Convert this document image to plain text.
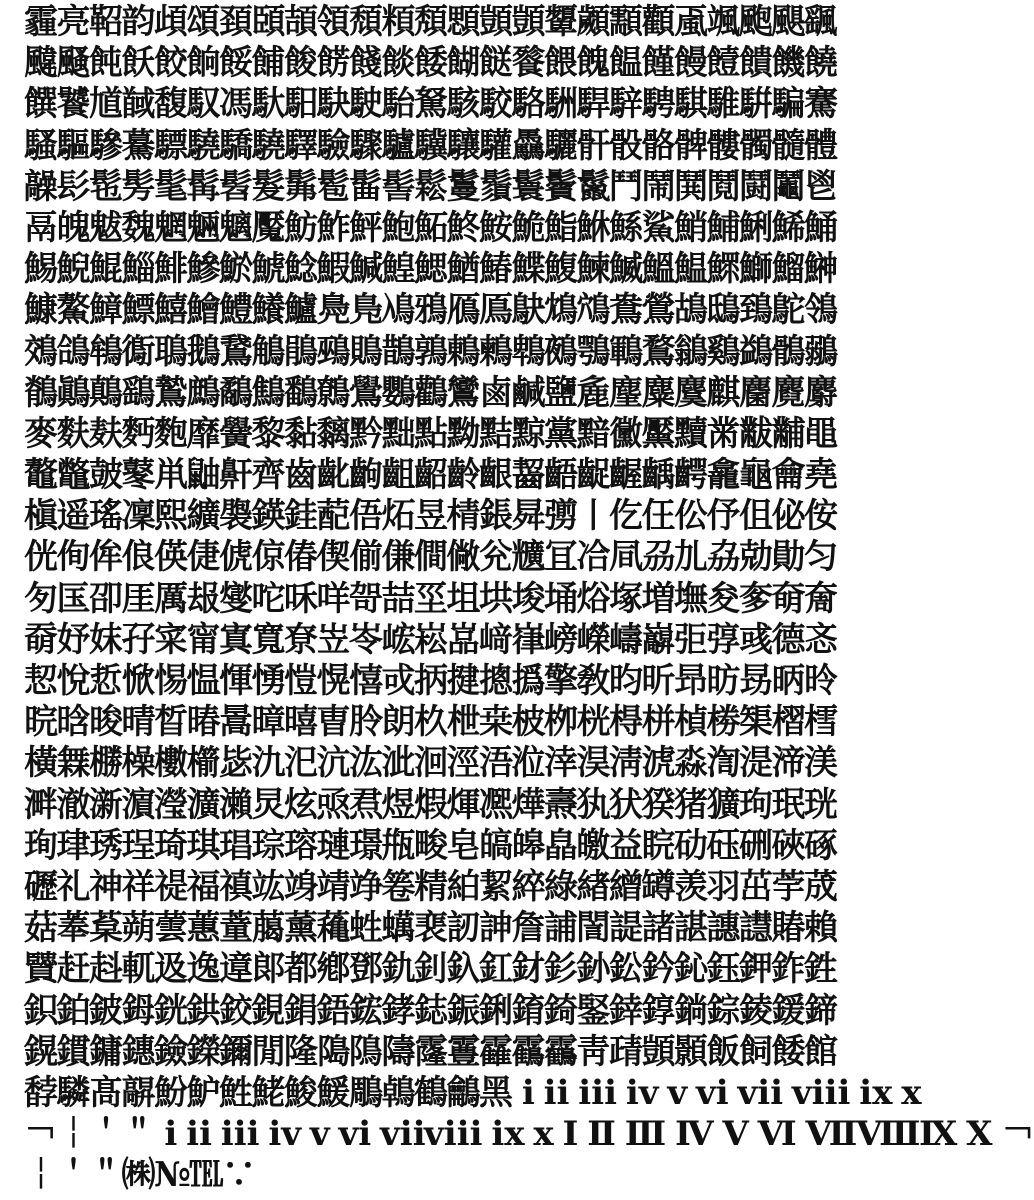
霾亮鞀韵頉頌頚頣頡領頹頪頽顋顗顗顰顪顬顴颪颯颮颶颻
颹颾飩飫餃餉餒餔餕餝餞餤餧餬餸餮餵餽饂饉饅饐饋饑饒
饌饕馗馘馥馭馮馱馹駃駛駘駑駭駮駱駲駻騂騁騏騅騈騙騫
騷驅驂驀驃驍驕驍驛驗驟驢驥驤驩驫驪骭骰骼髀髏髑髓體
髞髟髢髣髦髯髫髮髴髱髷髻鬆鬘鬚鬟鬢鬣鬥鬧鬨鬩鬪鬮鬯
鬲魄魃魏魍魎魑魘魴鮓鮃鮑鮖鮗鮟鮠鮨鮴鯀鯊鮹鯆鯏鯑鯒
鯣鯢鯤鯔鯡鰺鯲鯱鯰鰕鰔鰉鰓鰌鰆鰈鰒鰊鰄鰮鰛鰥鰤鰡鰰
鱇鰲鱆鰾鱚鱠鱧鱶鱸鳧鳬鳰鴉鴈鳫鴃鴆鴪鴦鶯鴣鴟鵄鴕鴒
鵁鴿鴾鵆鵈鵝鵞鵤鵑鵐鵙鵲鶉鶇鶫鵯鵺鶚鶤鶩鶲鷄鷁鶻鶸
鶺鷆鷏鷂鷙鷓鷸鷦鷭鷯鷽鸚鸛鸞鹵鹹鹽麁麈麋麌麒麕麑麝
麥麩麸麪麭靡黌黎黏黐黔黜點黝黠黥黨黯黴黶黷黹黻黼黽
鼇鼈皷鼕鼡鼬鼾齊齒齔齣齟齠齡齦齧齬齪齷齲齶龕龜龠堯
槇遥瑤凜熙纊褜鍈銈蓜俉炻昱棈鋹曻彅丨仡仼伀伃伹佖侒
侊侚侔俍偀倢俿倞偆偰偂傔僴僘兊兤冝冾凬刕劜劦勀勛匀
匇匤卲厓厲叝燮咜咊咩哿喆坙坥垬埈埇焀塚増墲夋奓奛奝
奣妤妺孖寀甯寘寬尞岦岺峵崧嵓﨑嵂嵭嶸嶹巐弡弴彧德忞
恝悅悊惞惕愠惲愑愷愰憘戓抦揵摠撝擎敎昀昕昻昉昮昞昤
晥晗晙晴晳暙暠暲暿曺朎朗杦枻桒柀栁桄棏栟楨椦榘槢樰
橫橆橳橾櫢櫤毖氿汜沆汯泚洄涇浯涖涬淏淸淲淼渹湜渧渼
溿澈澵濵瀅瀇瀨炅炫焏焄煜煆煇凞燁燾犱犾猤猪獷玽珉珖
珣珒琇珵琦琪琩琮瑢璉璟甁畯皂皜皞皛皦益睆劯砡硎硤硺
礰礼神祥禔福禛竑竧靖竫箞精絈絜綷綠緖繒罇羡羽茁荢荿
菇菶葈蒴蕓蕙蕫﨟薰蘒﨡蠇裵訒訷詹誧誾諟諸諶譓譿賰賴
贒赶﨣軏﨤逸遧郞都鄕鄧釚釗釞釭釮釤釥鈆鈐鈊鈺鉀鈼鉎
鉙鉑鈹鉧銧鉷鉸鋧鋗鋙鋐﨧鋕鋠鋓錥錡鋻﨨錞鋿錝錂鍰鍗
鎤鏆鏞鏸鐱鑅鑈閒隆﨩隝隯霳霻靃靍靏靑靕顗顥飯飼餧館
馞驎髙髜魵魲鮏鮱鮻鰀鵰鵫鶴鸙黑 ⅰ ⅱ ⅲ ⅳ ⅴ ⅵ ⅶ ⅷ ⅸ ⅹ
￢￤＇＂ ⅰ ⅱ ⅲ ⅳ ⅴ ⅵ ⅶⅷ ⅸ ⅹ Ⅰ Ⅱ Ⅲ Ⅳ Ⅴ Ⅵ ⅦⅧⅨ Ⅹ ￢
￤＇＂㈱№℡∵
